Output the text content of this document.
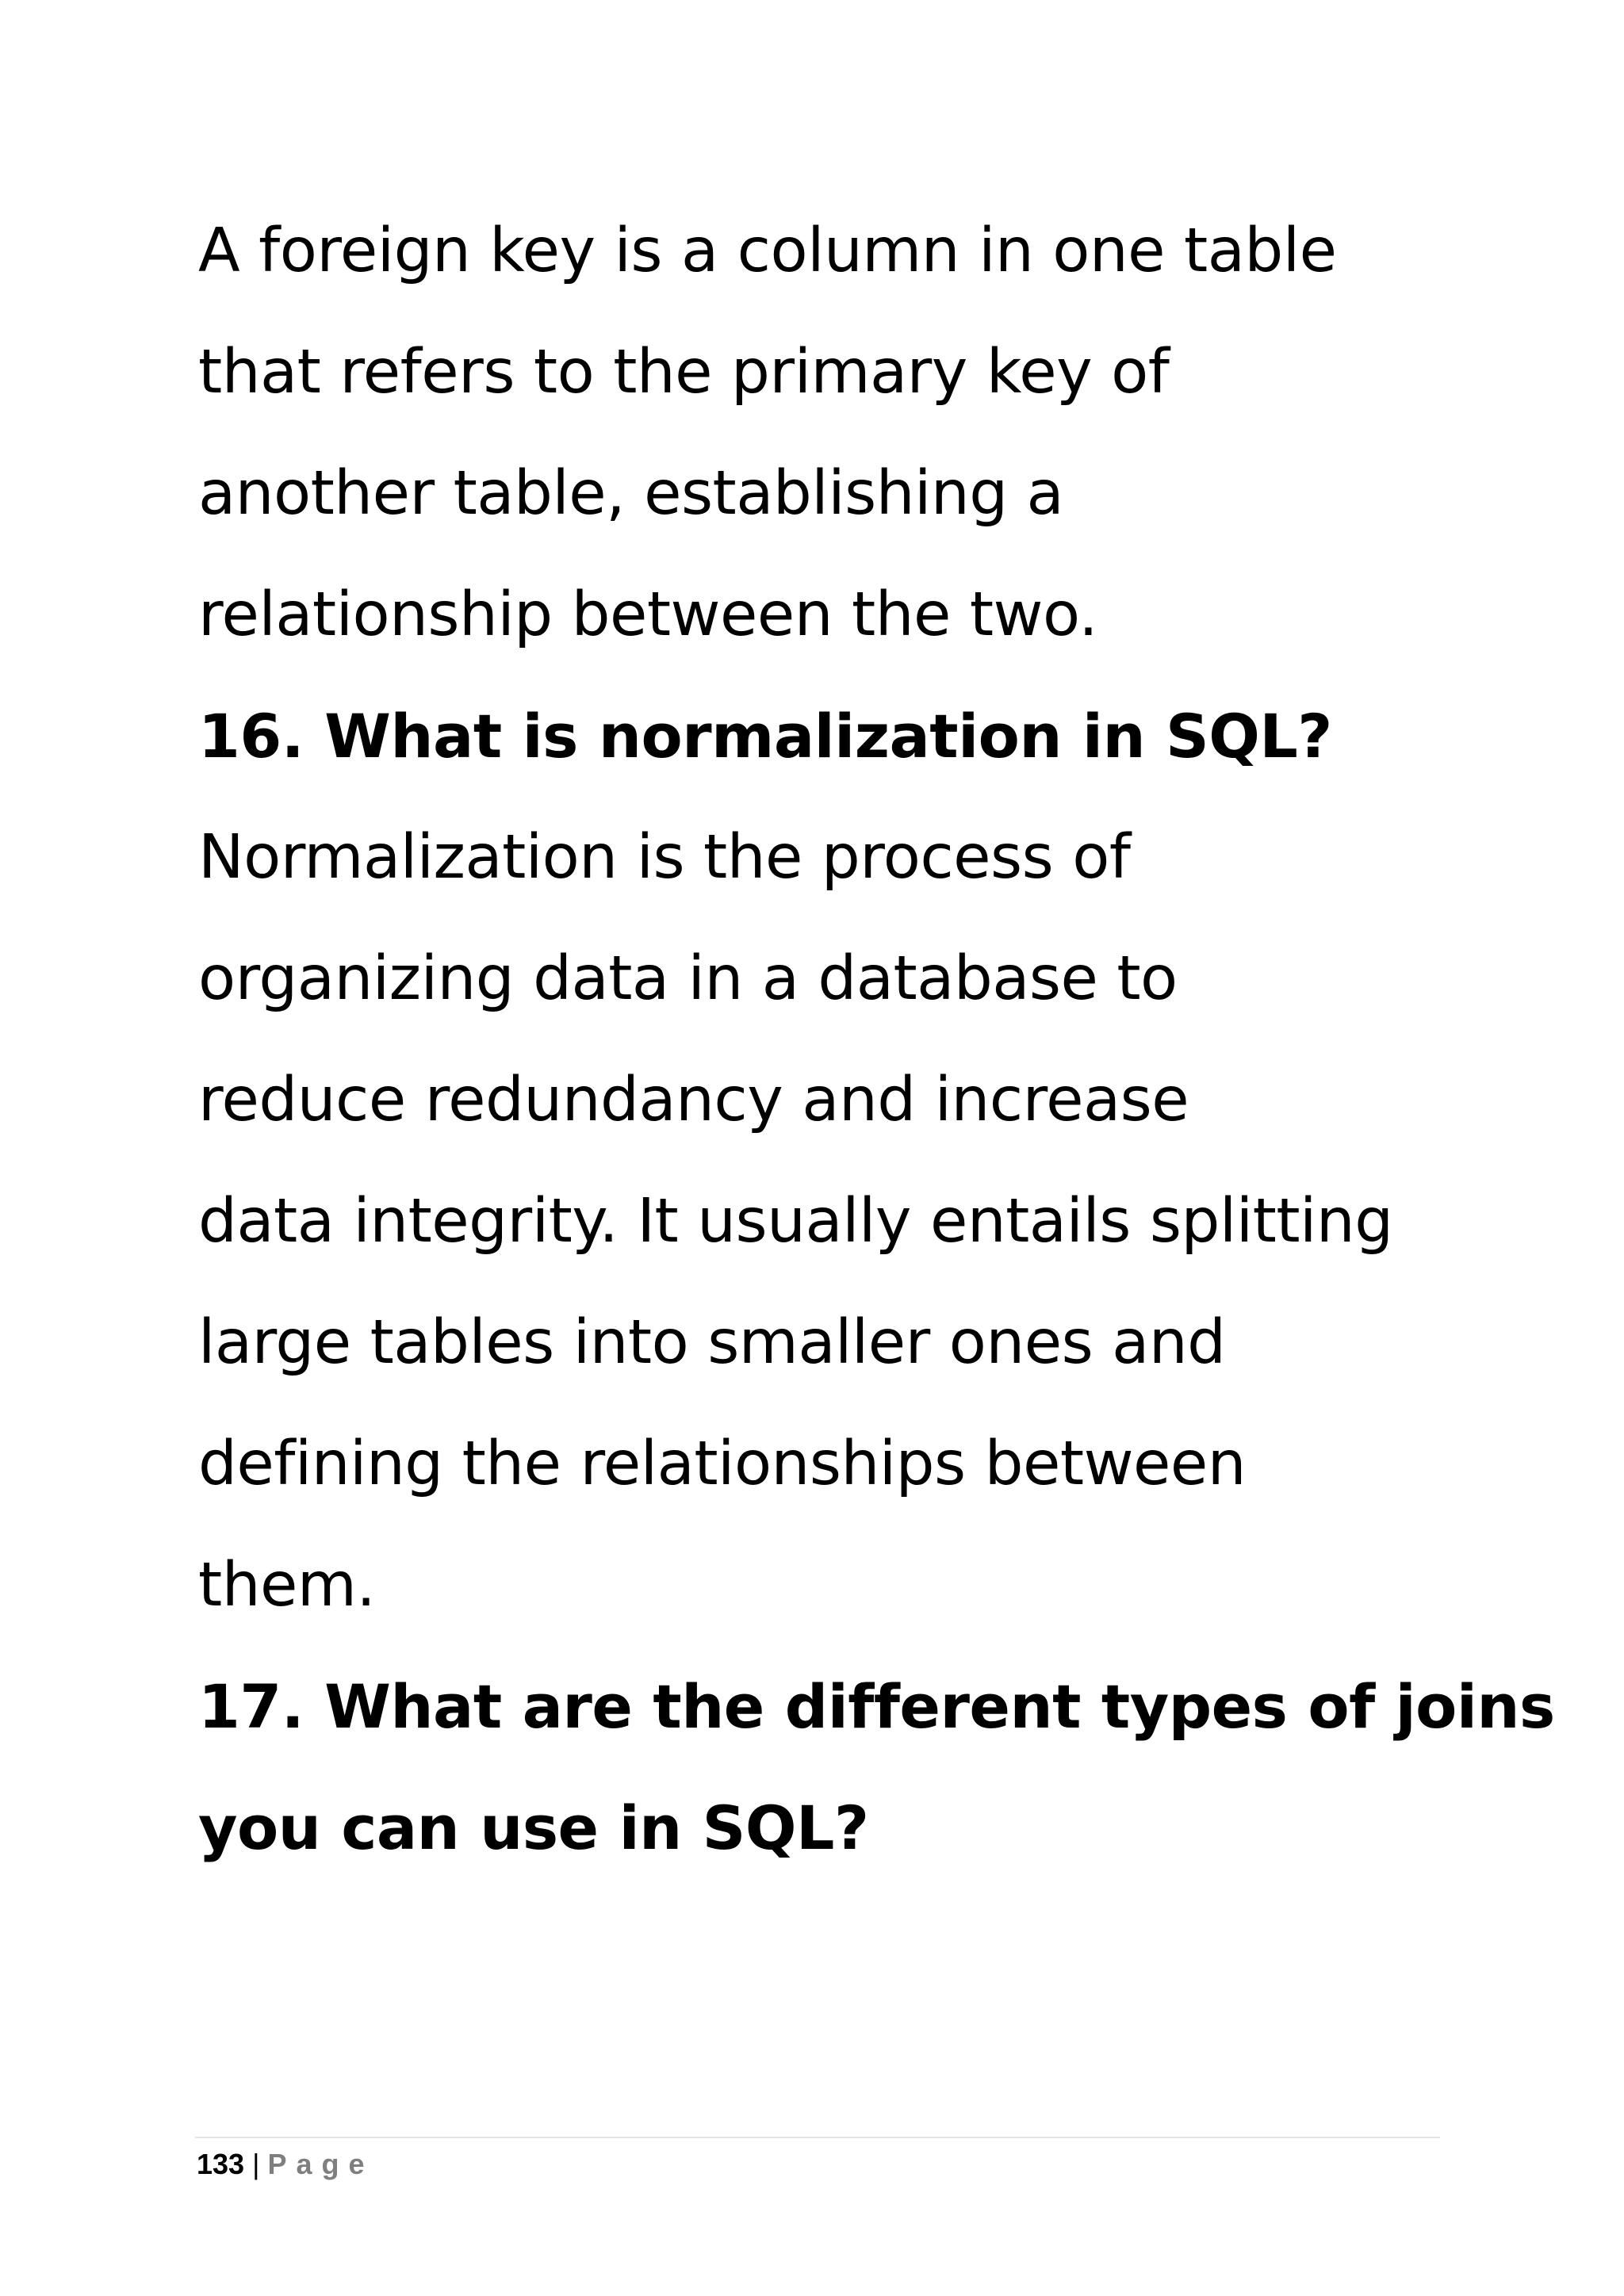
A foreign key is a column in one table
that refers to the primary key of
another table, establishing a
relationship between the two.

16. What is normalization in SQL?

Normalization is the process of
organizing data in a database to
reduce redundancy and increase
data integrity. It usually entails splitting
large tables into smaller ones and
defining the relationships between
them.

17. What are the different types of joins
you can use in SQL?
133 | Page
